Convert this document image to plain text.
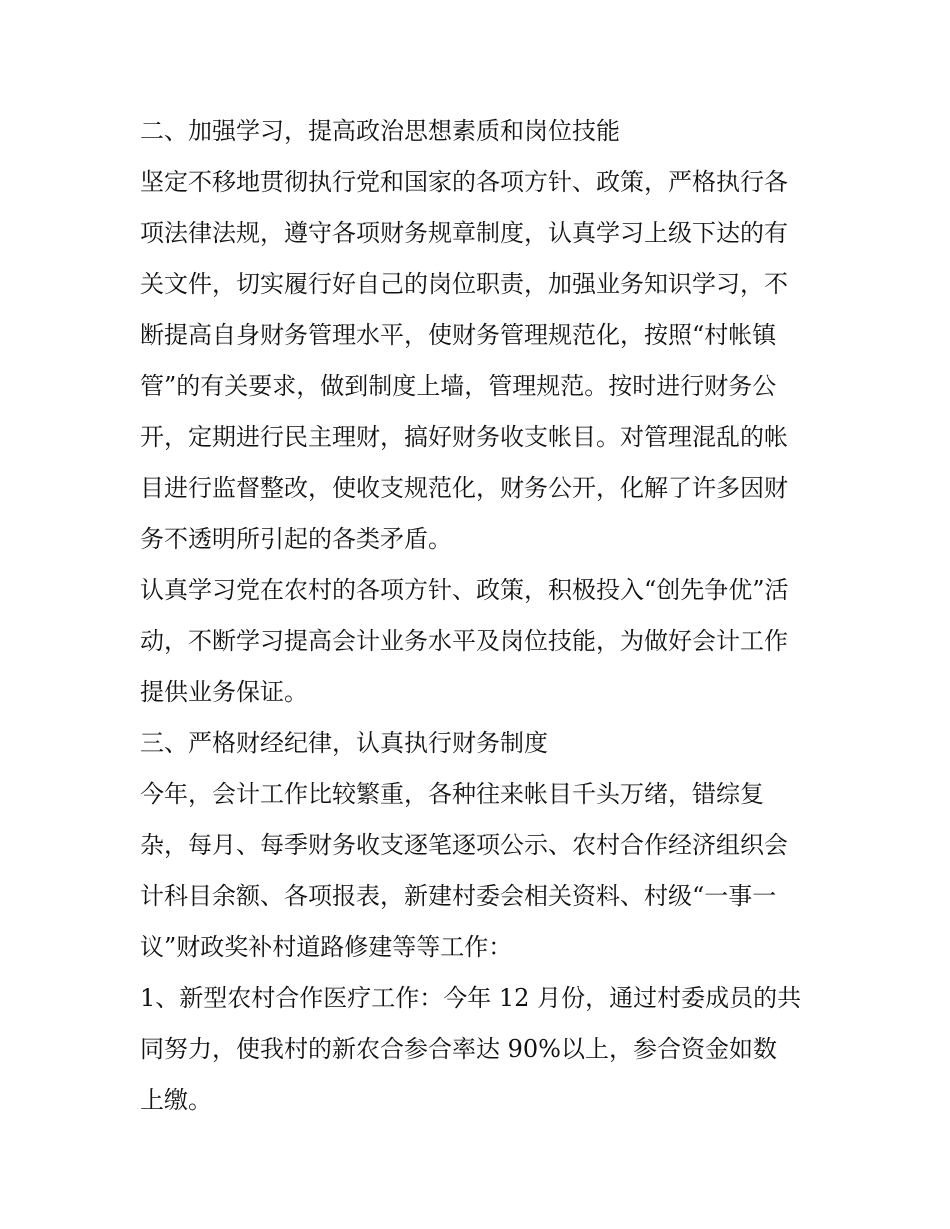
二、加强学习，提高政治思想素质和岗位技能
坚定不移地贯彻执行党和国家的各项方针、政策，严格执行各
项法律法规，遵守各项财务规章制度，认真学习上级下达的有
关文件，切实履行好自己的岗位职责，加强业务知识学习，不
断提高自身财务管理水平，使财务管理规范化，按照“村帐镇
管”的有关要求，做到制度上墙，管理规范。按时进行财务公
开，定期进行民主理财，搞好财务收支帐目。对管理混乱的帐
目进行监督整改，使收支规范化，财务公开，化解了许多因财
务不透明所引起的各类矛盾。
认真学习党在农村的各项方针、政策，积极投入“创先争优”活
动，不断学习提高会计业务水平及岗位技能，为做好会计工作
提供业务保证。
三、严格财经纪律，认真执行财务制度
今年，会计工作比较繁重，各种往来帐目千头万绪，错综复
杂，每月、每季财务收支逐笔逐项公示、农村合作经济组织会
计科目余额、各项报表，新建村委会相关资料、村级“一事一
议”财政奖补村道路修建等等工作：
1、新型农村合作医疗工作：今年 12 月份，通过村委成员的共
同努力，使我村的新农合参合率达 90%以上，参合资金如数
上缴。
